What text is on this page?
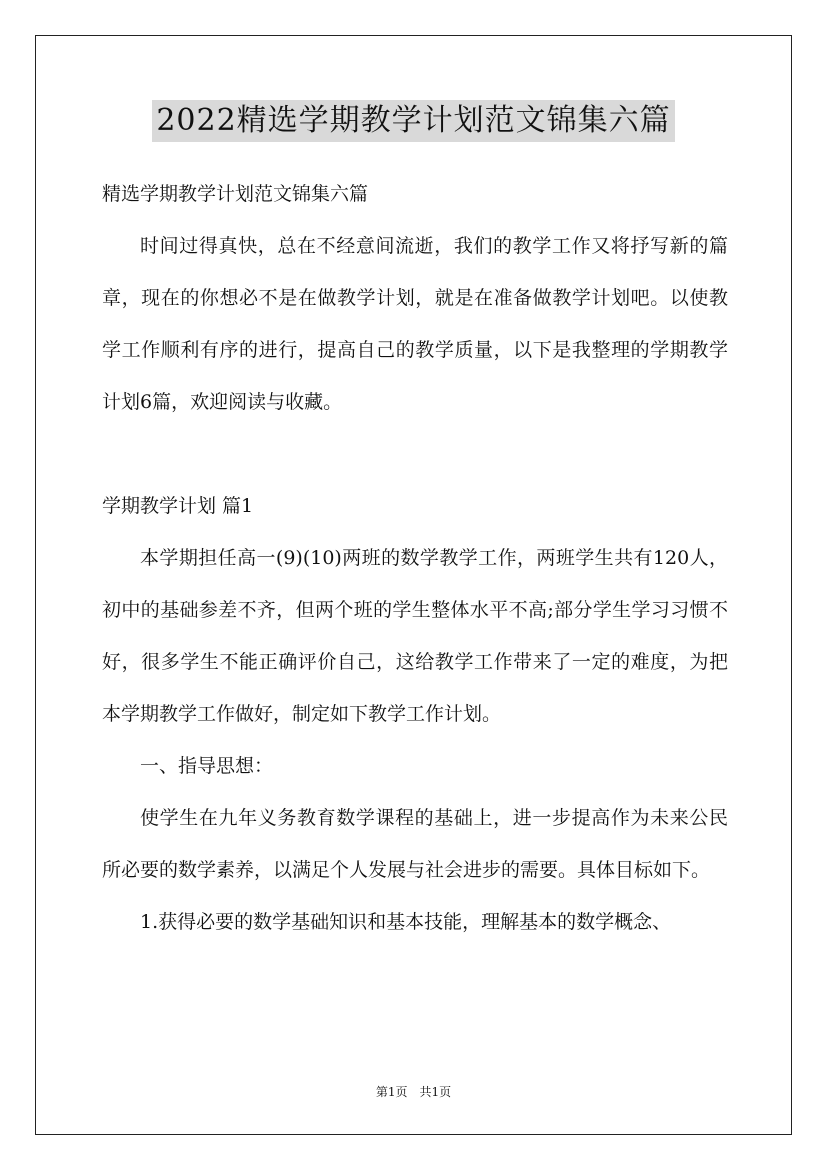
2022精选学期教学计划范文锦集六篇

精选学期教学计划范文锦集六篇

时间过得真快，总在不经意间流逝，我们的教学工作又将抒写新的篇章，现在的你想必不是在做教学计划，就是在准备做教学计划吧。以使教学工作顺利有序的进行，提高自己的教学质量，以下是我整理的学期教学计划6篇，欢迎阅读与收藏。

学期教学计划 篇1

本学期担任高一(9)(10)两班的数学教学工作，两班学生共有120人，初中的基础参差不齐，但两个班的学生整体水平不高;部分学生学习习惯不好，很多学生不能正确评价自己，这给教学工作带来了一定的难度，为把本学期教学工作做好，制定如下教学工作计划。

一、指导思想：

使学生在九年义务教育数学课程的基础上，进一步提高作为未来公民所必要的数学素养，以满足个人发展与社会进步的需要。具体目标如下。

1.获得必要的数学基础知识和基本技能，理解基本的数学概念、

第1页 共1页
